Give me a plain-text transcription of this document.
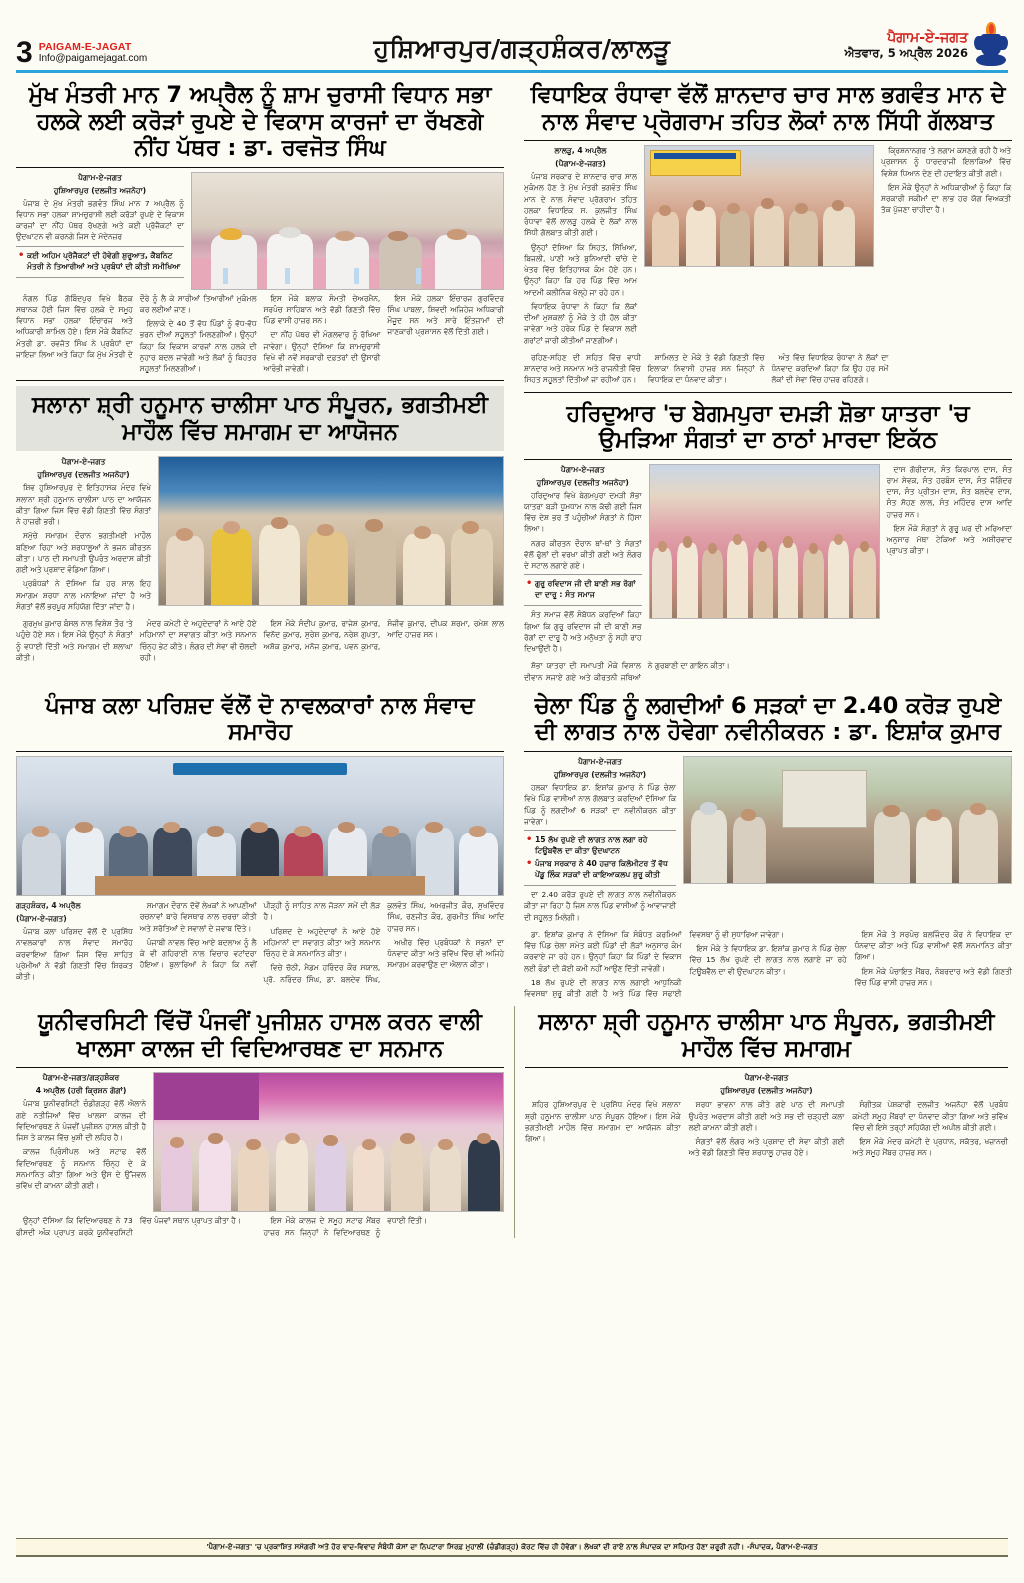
3 PAIGAM-E-JAGAT
Info@paigamejagat.com	ਹੁਸ਼ਿਆਰਪੁਰ/ਗੜ੍ਹਸ਼ੰਕਰ/ਲਾਲੜੂ	ਪੈਗਾਮ-ਏ-ਜਗਤ
ਐਤਵਾਰ, 5 ਅਪ੍ਰੈਲ 2026
ਮੁੱਖ ਮੰਤਰੀ ਮਾਨ 7 ਅਪ੍ਰੈਲ ਨੂੰ ਸ਼ਾਮ ਚੁਰਾਸੀ ਵਿਧਾਨ ਸਭਾ ਹਲਕੇ ਲਈ ਕਰੋੜਾਂ ਰੁਪਏ ਦੇ ਵਿਕਾਸ ਕਾਰਜਾਂ ਦਾ ਰੱਖਣਗੇ ਨੀਂਹ ਪੱਥਰ : ਡਾ. ਰਵਜੋਤ ਸਿੰਘ
ਪੈਗਾਮ-ਏ-ਜਗਤ
ਹੁਸ਼ਿਆਰਪੁਰ (ਦਲਜੀਤ ਅਜਨੋਹਾ)

ਪੰਜਾਬ ਦੇ ਮੁੱਖ ਮੰਤਰੀ ਭਗਵੰਤ ਸਿੰਘ ਮਾਨ 7 ਅਪ੍ਰੈਲ ਨੂੰ ਵਿਧਾਨ ਸਭਾ ਹਲਕਾ ਸ਼ਾਮਚੁਰਾਸੀ ਲਈ ਕਰੋੜਾਂ ਰੁਪਏ ਦੇ ਵਿਕਾਸ ਕਾਰਜਾਂ ਦਾ ਨੀਂਹ ਪੱਥਰ ਰੱਖਣਗੇ ਅਤੇ ਕਈ ਪ੍ਰੋਜੈਕਟਾਂ ਦਾ ਉਦਘਾਟਨ ਵੀ ਕਰਨਗੇ ਜਿਸ ਦੇ ਮੱਦੇਨਜ਼ਰ

• ਕਈ ਅਹਿਮ ਪ੍ਰੋਜੈਕਟਾਂ ਦੀ ਹੋਵੇਗੀ ਸ਼ੁਰੂਆਤ, ਕੈਬਨਿਟ ਮੰਤਰੀ ਨੇ ਤਿਆਰੀਆਂ ਅਤੇ ਪ੍ਰਬੰਧਾਂ ਦੀ ਕੀਤੀ ਸਮੀਖਿਆ

ਨੰਗਲ ਪਿੰਡ ਗੋਬਿੰਦਪੁਰ ਵਿਖੇ ਬੈਠਕ ਸਥਾਨਕ ਹੋਈ ਜਿਸ ਵਿੱਚ ਹਲਕੇ ਦੇ ਸਮੂਹ ਵਿਧਾਨ ਸਭਾ ਹਲਕਾ ਇੰਚਾਰਜ ਅਤੇ ਅਧਿਕਾਰੀ ਸ਼ਾਮਿਲ ਹੋਏ। ਇਸ ਮੌਕੇ ਕੈਬਨਿਟ ਮੰਤਰੀ ਡਾ. ਰਵਜੋਤ ਸਿੰਘ ਨੇ ਪ੍ਰਬੰਧਾਂ ਦਾ ਜਾਇਜ਼ਾ ਲਿਆ ਅਤੇ ਕਿਹਾ ਕਿ ਮੁੱਖ ਮੰਤਰੀ ਦੇ ਦੌਰੇ ਨੂੰ ਲੈ ਕੇ ਸਾਰੀਆਂ ਤਿਆਰੀਆਂ ਮੁਕੰਮਲ ਕਰ ਲਈਆਂ ਜਾਣ।

ਇਲਾਕੇ ਦੇ 40 ਤੋਂ ਵੱਧ ਪਿੰਡਾਂ ਨੂੰ ਵੱਧ-ਵੱਧ ਭਰਨ ਦੀਆਂ ਸਹੂਲਤਾਂ ਮਿਲਣਗੀਆਂ। ਉਨ੍ਹਾਂ ਕਿਹਾ ਕਿ ਵਿਕਾਸ ਕਾਰਜਾਂ ਨਾਲ ਹਲਕੇ ਦੀ ਨੁਹਾਰ ਬਦਲ ਜਾਵੇਗੀ ਅਤੇ ਲੋਕਾਂ ਨੂੰ ਬਿਹਤਰ ਸਹੂਲਤਾਂ ਮਿਲਣਗੀਆਂ।

ਇਸ ਮੌਕੇ ਬਲਾਕ ਸੰਮਤੀ ਚੇਅਰਮੈਨ, ਸਰਪੰਚ ਸਾਹਿਬਾਨ ਅਤੇ ਵੱਡੀ ਗਿਣਤੀ ਵਿੱਚ ਪਿੰਡ ਵਾਸੀ ਹਾਜ਼ਰ ਸਨ।

ਦਾ ਨੀਂਹ ਪੱਥਰ ਵੀ ਮੰਗਲਵਾਰ ਨੂੰ ਰੱਖਿਆ ਜਾਵੇਗਾ। ਉਨ੍ਹਾਂ ਦੱਸਿਆ ਕਿ ਸ਼ਾਮਚੁਰਾਸੀ ਵਿਖੇ ਵੀ ਨਵੇਂ ਸਰਕਾਰੀ ਦਫ਼ਤਰਾਂ ਦੀ ਉਸਾਰੀ ਆਰੰਭੀ ਜਾਵੇਗੀ।

ਇਸ ਮੌਕੇ ਹਲਕਾ ਇੰਚਾਰਜ ਗੁਰਵਿੰਦਰ ਸਿੰਘ ਪਾਬਲਾ, ਸ਼ਿਵਦੀ ਅਜਿਹੇਜ ਅਧਿਕਾਰੀ ਮੌਜੂਦ ਸਨ ਅਤੇ ਸਾਰੇ ਇੰਤਜ਼ਾਮਾਂ ਦੀ ਜਾਣਕਾਰੀ ਪ੍ਰਸ਼ਾਸਨ ਵੱਲੋਂ ਦਿੱਤੀ ਗਈ।

ਸਲਾਨਾ ਸ਼੍ਰੀ ਹਨੂਮਾਨ ਚਾਲੀਸਾ ਪਾਠ ਸੰਪੂਰਨ, ਭਗਤੀਮਈ ਮਾਹੌਲ ਵਿੱਚ ਸਮਾਗਮ ਦਾ ਆਯੋਜਨ
ਪੈਗਾਮ-ਏ-ਜਗਤ
ਹੁਸ਼ਿਆਰਪੁਰ (ਦਲਜੀਤ ਅਜਨੋਹਾ)

ਸ਼ਿਵ ਹੁਸ਼ਿਆਰਪੁਰ ਦੇ ਇਤਿਹਾਸਕ ਮੰਦਰ ਵਿਖੇ ਸਲਾਨਾ ਸ਼੍ਰੀ ਹਨੂਮਾਨ ਚਾਲੀਸਾ ਪਾਠ ਦਾ ਆਯੋਜਨ ਕੀਤਾ ਗਿਆ ਜਿਸ ਵਿੱਚ ਵੱਡੀ ਗਿਣਤੀ ਵਿੱਚ ਸੰਗਤਾਂ ਨੇ ਹਾਜ਼ਰੀ ਭਰੀ।

ਸਮੁੱਚੇ ਸਮਾਗਮ ਦੌਰਾਨ ਭਗਤੀਮਈ ਮਾਹੌਲ ਬਣਿਆ ਰਿਹਾ ਅਤੇ ਸ਼ਰਧਾਲੂਆਂ ਨੇ ਭਜਨ ਕੀਰਤਨ ਕੀਤਾ। ਪਾਠ ਦੀ ਸਮਾਪਤੀ ਉਪਰੰਤ ਅਰਦਾਸ ਕੀਤੀ ਗਈ ਅਤੇ ਪ੍ਰਸ਼ਾਦ ਵੰਡਿਆ ਗਿਆ।

ਪ੍ਰਬੰਧਕਾਂ ਨੇ ਦੱਸਿਆ ਕਿ ਹਰ ਸਾਲ ਇਹ ਸਮਾਗਮ ਸ਼ਰਧਾ ਨਾਲ ਮਨਾਇਆ ਜਾਂਦਾ ਹੈ ਅਤੇ ਸੰਗਤਾਂ ਵੱਲੋਂ ਭਰਪੂਰ ਸਹਿਯੋਗ ਦਿੱਤਾ ਜਾਂਦਾ ਹੈ।

ਗੁਰਮੁਖ ਕੁਮਾਰ ਬੰਸਲ ਨਾਲ ਵਿਸ਼ੇਸ਼ ਤੌਰ 'ਤੇ ਪਹੁੰਚੇ ਹੋਏ ਸਨ। ਇਸ ਮੌਕੇ ਉਨ੍ਹਾਂ ਨੇ ਸੰਗਤਾਂ ਨੂੰ ਵਧਾਈ ਦਿੱਤੀ ਅਤੇ ਸਮਾਗਮ ਦੀ ਸ਼ਲਾਘਾ ਕੀਤੀ।

ਮੰਦਰ ਕਮੇਟੀ ਦੇ ਅਹੁਦੇਦਾਰਾਂ ਨੇ ਆਏ ਹੋਏ ਮਹਿਮਾਨਾਂ ਦਾ ਸਵਾਗਤ ਕੀਤਾ ਅਤੇ ਸਨਮਾਨ ਚਿੰਨ੍ਹ ਭੇਟ ਕੀਤੇ। ਲੰਗਰ ਦੀ ਸੇਵਾ ਵੀ ਚੱਲਦੀ ਰਹੀ।

ਇਸ ਮੌਕੇ ਸੰਦੀਪ ਕੁਮਾਰ, ਰਾਜੇਸ਼ ਕੁਮਾਰ, ਵਿਨੋਦ ਕੁਮਾਰ, ਸੁਰੇਸ਼ ਕੁਮਾਰ, ਨਰੇਸ਼ ਗੁਪਤਾ, ਅਸ਼ੋਕ ਕੁਮਾਰ, ਮਨੋਜ ਕੁਮਾਰ, ਪਵਨ ਕੁਮਾਰ, ਸੰਜੀਵ ਕੁਮਾਰ, ਦੀਪਕ ਸ਼ਰਮਾ, ਰਮੇਸ਼ ਲਾਲ ਆਦਿ ਹਾਜ਼ਰ ਸਨ।

ਵਿਧਾਇਕ ਰੰਧਾਵਾ ਵੱਲੋਂ ਸ਼ਾਨਦਾਰ ਚਾਰ ਸਾਲ ਭਗਵੰਤ ਮਾਨ ਦੇ ਨਾਲ ਸੰਵਾਦ ਪ੍ਰੋਗਰਾਮ ਤਹਿਤ ਲੋਕਾਂ ਨਾਲ ਸਿੱਧੀ ਗੱਲਬਾਤ
ਲਾਲੜੂ, 4 ਅਪ੍ਰੈਲ
(ਪੈਗਾਮ-ਏ-ਜਗਤ)

ਪੰਜਾਬ ਸਰਕਾਰ ਦੇ ਸ਼ਾਨਦਾਰ ਚਾਰ ਸਾਲ ਮੁਕੰਮਲ ਹੋਣ ਤੇ ਮੁੱਖ ਮੰਤਰੀ ਭਗਵੰਤ ਸਿੰਘ ਮਾਨ ਦੇ ਨਾਲ ਸੰਵਾਦ ਪ੍ਰੋਗਰਾਮ ਤਹਿਤ ਹਲਕਾ ਵਿਧਾਇਕ ਸ. ਕੁਲਜੀਤ ਸਿੰਘ ਰੰਧਾਵਾ ਵੱਲੋਂ ਲਾਲੜੂ ਹਲਕੇ ਦੇ ਲੋਕਾਂ ਨਾਲ ਸਿੱਧੀ ਗੱਲਬਾਤ ਕੀਤੀ ਗਈ।

ਉਨ੍ਹਾਂ ਦੱਸਿਆ ਕਿ ਸਿਹਤ, ਸਿੱਖਿਆ, ਬਿਜਲੀ, ਪਾਣੀ ਅਤੇ ਬੁਨਿਆਦੀ ਢਾਂਚੇ ਦੇ ਖੇਤਰ ਵਿੱਚ ਇਤਿਹਾਸਕ ਕੰਮ ਹੋਏ ਹਨ। ਉਨ੍ਹਾਂ ਕਿਹਾ ਕਿ ਹਰ ਪਿੰਡ ਵਿੱਚ ਆਮ ਆਦਮੀ ਕਲੀਨਿਕ ਖੋਲ੍ਹੇ ਜਾ ਰਹੇ ਹਨ।

ਵਿਧਾਇਕ ਰੰਧਾਵਾ ਨੇ ਕਿਹਾ ਕਿ ਲੋਕਾਂ ਦੀਆਂ ਮੁਸ਼ਕਲਾਂ ਨੂੰ ਮੌਕੇ ਤੇ ਹੀ ਹੱਲ ਕੀਤਾ ਜਾਵੇਗਾ ਅਤੇ ਹਰੇਕ ਪਿੰਡ ਦੇ ਵਿਕਾਸ ਲਈ ਗਰਾਂਟਾਂ ਜਾਰੀ ਕੀਤੀਆਂ ਜਾਣਗੀਆਂ।

ਕ੍ਰਿਸ਼ਨਾਨਗਰ 'ਤੇ ਲਗਾਮ ਕਸਣਗੇ ਰਹੀ ਹੈ ਅਤੇ ਪ੍ਰਸ਼ਾਸਨ ਨੂੰ ਧਾਰਦਰਾਜੀ ਇਲਾਕਿਆਂ ਵਿੱਚ ਵਿਸ਼ੇਸ਼ ਧਿਆਨ ਦੇਣ ਦੀ ਹਦਾਇਤ ਕੀਤੀ ਗਈ।

ਇਸ ਮੌਕੇ ਉਨ੍ਹਾਂ ਨੇ ਅਧਿਕਾਰੀਆਂ ਨੂੰ ਕਿਹਾ ਕਿ ਸਰਕਾਰੀ ਸਕੀਮਾਂ ਦਾ ਲਾਭ ਹਰ ਯੋਗ ਵਿਅਕਤੀ ਤੱਕ ਪੁੱਜਣਾ ਚਾਹੀਦਾ ਹੈ।

ਰਹਿਣ-ਸਹਿਣ ਦੀ ਸਹਿਤ ਵਿੱਚ ਵਾਧੀ ਸ਼ਾਨਦਾਰ ਅਤੇ ਸਨਮਾਨ ਅਤੇ ਰਾਜਨੀਤੀ ਵਿੱਚ ਸਿਹਤ ਸਹੂਲਤਾਂ ਦਿੱਤੀਆਂ ਜਾ ਰਹੀਆਂ ਹਨ।

ਸ਼ਾਮਿਲਤ ਦੇ ਮੌਕੇ ਤੇ ਵੱਡੀ ਗਿਣਤੀ ਵਿੱਚ ਇਲਾਕਾ ਨਿਵਾਸੀ ਹਾਜ਼ਰ ਸਨ ਜਿਨ੍ਹਾਂ ਨੇ ਵਿਧਾਇਕ ਦਾ ਧੰਨਵਾਦ ਕੀਤਾ।

ਅੰਤ ਵਿੱਚ ਵਿਧਾਇਕ ਰੰਧਾਵਾ ਨੇ ਲੋਕਾਂ ਦਾ ਧੰਨਵਾਦ ਕਰਦਿਆਂ ਕਿਹਾ ਕਿ ਉਹ ਹਰ ਸਮੇਂ ਲੋਕਾਂ ਦੀ ਸੇਵਾ ਵਿੱਚ ਹਾਜ਼ਰ ਰਹਿਣਗੇ।

ਹਰਿਦੁਆਰ 'ਚ ਬੇਗਮਪੁਰਾ ਦਮੜੀ ਸ਼ੋਭਾ ਯਾਤਰਾ 'ਚ ਉਮੜਿਆ ਸੰਗਤਾਂ ਦਾ ਠਾਠਾਂ ਮਾਰਦਾ ਇਕੱਠ
ਪੈਗਾਮ-ਏ-ਜਗਤ
ਹੁਸ਼ਿਆਰਪੁਰ (ਦਲਜੀਤ ਅਜਨੋਹਾ)

ਹਰਿਦੁਆਰ ਵਿਖੇ ਬੇਗਮਪੁਰਾ ਦਮੜੀ ਸ਼ੋਭਾ ਯਾਤਰਾ ਬੜੀ ਧੂਮਧਾਮ ਨਾਲ ਕੱਢੀ ਗਈ ਜਿਸ ਵਿੱਚ ਦੇਸ਼ ਭਰ ਤੋਂ ਪਹੁੰਚੀਆਂ ਸੰਗਤਾਂ ਨੇ ਹਿੱਸਾ ਲਿਆ।

ਨਗਰ ਕੀਰਤਨ ਦੌਰਾਨ ਥਾਂ-ਥਾਂ ਤੇ ਸੰਗਤਾਂ ਵੱਲੋਂ ਫੁੱਲਾਂ ਦੀ ਵਰਖਾ ਕੀਤੀ ਗਈ ਅਤੇ ਲੰਗਰ ਦੇ ਸਟਾਲ ਲਗਾਏ ਗਏ।

• ਗੁਰੂ ਰਵਿਦਾਸ ਜੀ ਦੀ ਬਾਣੀ ਸਭ ਰੋਗਾਂ ਦਾ ਦਾਰੂ : ਸੰਤ ਸਮਾਜ

ਸੰਤ ਸਮਾਜ ਵੱਲੋਂ ਸੰਬੋਧਨ ਕਰਦਿਆਂ ਕਿਹਾ ਗਿਆ ਕਿ ਗੁਰੂ ਰਵਿਦਾਸ ਜੀ ਦੀ ਬਾਣੀ ਸਭ ਰੋਗਾਂ ਦਾ ਦਾਰੂ ਹੈ ਅਤੇ ਮਨੁੱਖਤਾ ਨੂੰ ਸਹੀ ਰਾਹ ਦਿਖਾਉਂਦੀ ਹੈ।

ਦਾਸ ਗੋਰੀਦਾਸ, ਸੰਤ ਕਿਰਪਾਲ ਦਾਸ, ਸੰਤ ਰਾਮ ਸੇਵਕ, ਸੰਤ ਹਰਬੰਸ ਦਾਸ, ਸੰਤ ਜੋਗਿੰਦਰ ਦਾਸ, ਸੰਤ ਪ੍ਰੀਤਮ ਦਾਸ, ਸੰਤ ਬਲਦੇਵ ਦਾਸ, ਸੰਤ ਸੋਹਣ ਲਾਲ, ਸੰਤ ਮਹਿੰਦਰ ਦਾਸ ਆਦਿ ਹਾਜ਼ਰ ਸਨ।

ਇਸ ਮੌਕੇ ਸੰਗਤਾਂ ਨੇ ਗੁਰੂ ਘਰ ਦੀ ਮਰਿਆਦਾ ਅਨੁਸਾਰ ਮੱਥਾ ਟੇਕਿਆ ਅਤੇ ਅਸ਼ੀਰਵਾਦ ਪ੍ਰਾਪਤ ਕੀਤਾ।

ਸ਼ੋਭਾ ਯਾਤਰਾ ਦੀ ਸਮਾਪਤੀ ਮੌਕੇ ਵਿਸ਼ਾਲ ਦੀਵਾਨ ਸਜਾਏ ਗਏ ਅਤੇ ਕੀਰਤਨੀ ਜਥਿਆਂ ਨੇ ਗੁਰਬਾਣੀ ਦਾ ਗਾਇਨ ਕੀਤਾ।

ਪੰਜਾਬ ਕਲਾ ਪਰਿਸ਼ਦ ਵੱਲੋਂ ਦੋ ਨਾਵਲਕਾਰਾਂ ਨਾਲ ਸੰਵਾਦ ਸਮਾਰੋਹ
ਗੜ੍ਹਸ਼ੰਕਰ, 4 ਅਪ੍ਰੈਲ
(ਪੈਗਾਮ-ਏ-ਜਗਤ)

ਪੰਜਾਬ ਕਲਾ ਪਰਿਸ਼ਦ ਵੱਲੋਂ ਦੋ ਪ੍ਰਸਿੱਧ ਨਾਵਲਕਾਰਾਂ ਨਾਲ ਸੰਵਾਦ ਸਮਾਰੋਹ ਕਰਵਾਇਆ ਗਿਆ ਜਿਸ ਵਿੱਚ ਸਾਹਿਤ ਪ੍ਰੇਮੀਆਂ ਨੇ ਵੱਡੀ ਗਿਣਤੀ ਵਿੱਚ ਸ਼ਿਰਕਤ ਕੀਤੀ।

ਸਮਾਗਮ ਦੌਰਾਨ ਦੋਵੇਂ ਲੇਖਕਾਂ ਨੇ ਆਪਣੀਆਂ ਰਚਨਾਵਾਂ ਬਾਰੇ ਵਿਸਥਾਰ ਨਾਲ ਚਰਚਾ ਕੀਤੀ ਅਤੇ ਸਰੋਤਿਆਂ ਦੇ ਸਵਾਲਾਂ ਦੇ ਜਵਾਬ ਦਿੱਤੇ।

ਪੰਜਾਬੀ ਨਾਵਲ ਵਿੱਚ ਆਏ ਬਦਲਾਅ ਨੂੰ ਲੈ ਕੇ ਵੀ ਗਹਿਰਾਈ ਨਾਲ ਵਿਚਾਰ ਵਟਾਂਦਰਾ ਹੋਇਆ। ਬੁਲਾਰਿਆਂ ਨੇ ਕਿਹਾ ਕਿ ਨਵੀਂ ਪੀੜ੍ਹੀ ਨੂੰ ਸਾਹਿਤ ਨਾਲ ਜੋੜਨਾ ਸਮੇਂ ਦੀ ਲੋੜ ਹੈ।

ਪਰਿਸ਼ਦ ਦੇ ਅਹੁਦੇਦਾਰਾਂ ਨੇ ਆਏ ਹੋਏ ਮਹਿਮਾਨਾਂ ਦਾ ਸਵਾਗਤ ਕੀਤਾ ਅਤੇ ਸਨਮਾਨ ਚਿੰਨ੍ਹ ਦੇ ਕੇ ਸਨਮਾਨਿਤ ਕੀਤਾ।

ਵਿਚੇ ਚੱਠੀ, ਮੈਡਮ ਹਰਿੰਦਰ ਕੌਰ ਸਯਾਲ, ਪ੍ਰੋ. ਨਰਿੰਦਰ ਸਿੰਘ, ਡਾ. ਬਲਦੇਵ ਸਿੰਘ, ਕੁਲਵੰਤ ਸਿੰਘ, ਅਮਰਜੀਤ ਕੌਰ, ਸੁਖਵਿੰਦਰ ਸਿੰਘ, ਰਣਜੀਤ ਕੌਰ, ਗੁਰਮੀਤ ਸਿੰਘ ਆਦਿ ਹਾਜ਼ਰ ਸਨ।

ਅਖੀਰ ਵਿੱਚ ਪ੍ਰਬੰਧਕਾਂ ਨੇ ਸਭਨਾਂ ਦਾ ਧੰਨਵਾਦ ਕੀਤਾ ਅਤੇ ਭਵਿੱਖ ਵਿੱਚ ਵੀ ਅਜਿਹੇ ਸਮਾਗਮ ਕਰਵਾਉਣ ਦਾ ਐਲਾਨ ਕੀਤਾ।

ਚੇਲਾ ਪਿੰਡ ਨੂੰ ਲਗਦੀਆਂ 6 ਸੜਕਾਂ ਦਾ 2.40 ਕਰੋੜ ਰੁਪਏ ਦੀ ਲਾਗਤ ਨਾਲ ਹੋਵੇਗਾ ਨਵੀਨੀਕਰਨ : ਡਾ. ਇਸ਼ਾਂਕ ਕੁਮਾਰ
ਪੈਗਾਮ-ਏ-ਜਗਤ
ਹੁਸ਼ਿਆਰਪੁਰ (ਦਲਜੀਤ ਅਜਨੋਹਾ)

ਹਲਕਾ ਵਿਧਾਇਕ ਡਾ. ਇਸ਼ਾਂਕ ਕੁਮਾਰ ਨੇ ਪਿੰਡ ਚੇਲਾ ਵਿਖੇ ਪਿੰਡ ਵਾਸੀਆਂ ਨਾਲ ਗੱਲਬਾਤ ਕਰਦਿਆਂ ਦੱਸਿਆ ਕਿ ਪਿੰਡ ਨੂੰ ਲਗਦੀਆਂ 6 ਸੜਕਾਂ ਦਾ ਨਵੀਨੀਕਰਨ ਕੀਤਾ ਜਾਵੇਗਾ।

• 15 ਲੱਖ ਰੁਪਏ ਦੀ ਲਾਗਤ ਨਾਲ ਲਗਾ ਰਹੇ ਟਿਊਬਵੈੱਲ ਦਾ ਕੀਤਾ ਉਦਘਾਟਨ
• ਪੰਜਾਬ ਸਰਕਾਰ ਨੇ 40 ਹਜ਼ਾਰ ਕਿਲੋਮੀਟਰ ਤੋਂ ਵੱਧ ਪੇਂਡੂ ਲਿੰਕ ਸੜਕਾਂ ਦੀ ਕਾਇਆਕਲਪ ਸ਼ੁਰੂ ਕੀਤੀ

ਦਾ 2.40 ਕਰੋੜ ਰੁਪਏ ਦੀ ਲਾਗਤ ਨਾਲ ਨਵੀਨੀਕਰਨ ਕੀਤਾ ਜਾ ਰਿਹਾ ਹੈ ਜਿਸ ਨਾਲ ਪਿੰਡ ਵਾਸੀਆਂ ਨੂੰ ਆਵਾਜਾਈ ਦੀ ਸਹੂਲਤ ਮਿਲੇਗੀ।

ਡਾ. ਇਸ਼ਾਂਕ ਕੁਮਾਰ ਨੇ ਦੱਸਿਆ ਕਿ ਸੰਬੰਧਤ ਕਰਮਿਆਂ ਵਿੱਚ ਪਿੰਡ ਚੇਲਾ ਸਮੇਤ ਕਈ ਪਿੰਡਾਂ ਦੀ ਲੋੜਾਂ ਅਨੁਸਾਰ ਕੰਮ ਕਰਵਾਏ ਜਾ ਰਹੇ ਹਨ। ਉਨ੍ਹਾਂ ਕਿਹਾ ਕਿ ਪਿੰਡਾਂ ਦੇ ਵਿਕਾਸ ਲਈ ਫੰਡਾਂ ਦੀ ਕੋਈ ਕਮੀ ਨਹੀਂ ਆਉਣ ਦਿੱਤੀ ਜਾਵੇਗੀ।

18 ਲੱਖ ਰੁਪਏ ਦੀ ਲਾਗਤ ਨਾਲ ਲਗਾਈ ਆਧੁਨਿਕੀ ਵਿਵਸਥਾ ਸ਼ੁਰੂ ਕੀਤੀ ਗਈ ਹੈ ਅਤੇ ਪਿੰਡ ਵਿੱਚ ਸਫਾਈ ਵਿਵਸਥਾ ਨੂੰ ਵੀ ਸੁਧਾਰਿਆ ਜਾਵੇਗਾ।

ਇਸ ਮੌਕੇ ਤੇ ਵਿਧਾਇਕ ਡਾ. ਇਸ਼ਾਂਕ ਕੁਮਾਰ ਨੇ ਪਿੰਡ ਚੇਲਾ ਵਿੱਚ 15 ਲੱਖ ਰੁਪਏ ਦੀ ਲਾਗਤ ਨਾਲ ਲਗਾਏ ਜਾ ਰਹੇ ਟਿਊਬਵੈੱਲ ਦਾ ਵੀ ਉਦਘਾਟਨ ਕੀਤਾ।

ਇਸ ਮੌਕੇ ਤੇ ਸਰਪੰਚ ਬਲਜਿੰਦਰ ਕੌਰ ਨੇ ਵਿਧਾਇਕ ਦਾ ਧੰਨਵਾਦ ਕੀਤਾ ਅਤੇ ਪਿੰਡ ਵਾਸੀਆਂ ਵੱਲੋਂ ਸਨਮਾਨਿਤ ਕੀਤਾ ਗਿਆ।

ਇਸ ਮੌਕੇ ਪੰਚਾਇਤ ਮੈਂਬਰ, ਨੰਬਰਦਾਰ ਅਤੇ ਵੱਡੀ ਗਿਣਤੀ ਵਿੱਚ ਪਿੰਡ ਵਾਸੀ ਹਾਜ਼ਰ ਸਨ।

ਯੂਨੀਵਰਸਿਟੀ ਵਿੱਚੋਂ ਪੰਜਵੀਂ ਪੁਜੀਸ਼ਨ ਹਾਸਲ ਕਰਨ ਵਾਲੀ ਖਾਲਸਾ ਕਾਲਜ ਦੀ ਵਿਦਿਆਰਥਣ ਦਾ ਸਨਮਾਨ
ਪੈਗਾਮ-ਏ-ਜਗਤ/ਗੜ੍ਹਸ਼ੰਕਰ
4 ਅਪ੍ਰੈਲ (ਹਰੀ ਕ੍ਰਿਸ਼ਨ ਗੋਗਾਂ)

ਪੰਜਾਬ ਯੂਨੀਵਰਸਿਟੀ ਚੰਡੀਗੜ੍ਹ ਵੱਲੋਂ ਐਲਾਨੇ ਗਏ ਨਤੀਜਿਆਂ ਵਿੱਚ ਖਾਲਸਾ ਕਾਲਜ ਦੀ ਵਿਦਿਆਰਥਣ ਨੇ ਪੰਜਵੀਂ ਪੁਜੀਸ਼ਨ ਹਾਸਲ ਕੀਤੀ ਹੈ ਜਿਸ ਤੇ ਕਾਲਜ ਵਿੱਚ ਖੁਸ਼ੀ ਦੀ ਲਹਿਰ ਹੈ।

ਕਾਲਜ ਪ੍ਰਿੰਸੀਪਲ ਅਤੇ ਸਟਾਫ ਵੱਲੋਂ ਵਿਦਿਆਰਥਣ ਨੂੰ ਸਨਮਾਨ ਚਿੰਨ੍ਹ ਦੇ ਕੇ ਸਨਮਾਨਿਤ ਕੀਤਾ ਗਿਆ ਅਤੇ ਉਸ ਦੇ ਉੱਜਵਲ ਭਵਿੱਖ ਦੀ ਕਾਮਨਾ ਕੀਤੀ ਗਈ।

ਉਨ੍ਹਾਂ ਦੱਸਿਆ ਕਿ ਵਿਦਿਆਰਥਣ ਨੇ 73 ਫੀਸਦੀ ਅੰਕ ਪ੍ਰਾਪਤ ਕਰਕੇ ਯੂਨੀਵਰਸਿਟੀ ਵਿੱਚ ਪੰਜਵਾਂ ਸਥਾਨ ਪ੍ਰਾਪਤ ਕੀਤਾ ਹੈ।	ਇਸ ਮੌਕੇ ਕਾਲਜ ਦੇ ਸਮੂਹ ਸਟਾਫ ਮੈਂਬਰ ਹਾਜ਼ਰ ਸਨ ਜਿਨ੍ਹਾਂ ਨੇ ਵਿਦਿਆਰਥਣ ਨੂੰ ਵਧਾਈ ਦਿੱਤੀ।

ਸਲਾਨਾ ਸ਼੍ਰੀ ਹਨੂਮਾਨ ਚਾਲੀਸਾ ਪਾਠ ਸੰਪੂਰਨ, ਭਗਤੀਮਈ ਮਾਹੌਲ ਵਿੱਚ ਸਮਾਗਮ
ਪੈਗਾਮ-ਏ-ਜਗਤ
ਹੁਸ਼ਿਆਰਪੁਰ (ਦਲਜੀਤ ਅਜਨੋਹਾ)

ਸ਼ਹਿਰ ਹੁਸ਼ਿਆਰਪੁਰ ਦੇ ਪ੍ਰਸਿੱਧ ਮੰਦਰ ਵਿਖੇ ਸਲਾਨਾ ਸ਼੍ਰੀ ਹਨੂਮਾਨ ਚਾਲੀਸਾ ਪਾਠ ਸੰਪੂਰਨ ਹੋਇਆ। ਇਸ ਮੌਕੇ ਭਗਤੀਮਈ ਮਾਹੌਲ ਵਿੱਚ ਸਮਾਗਮ ਦਾ ਆਯੋਜਨ ਕੀਤਾ ਗਿਆ।

ਸ਼ਰਧਾ ਭਾਵਨਾ ਨਾਲ ਕੀਤੇ ਗਏ ਪਾਠ ਦੀ ਸਮਾਪਤੀ ਉਪਰੰਤ ਅਰਦਾਸ ਕੀਤੀ ਗਈ ਅਤੇ ਸਭ ਦੀ ਚੜ੍ਹਦੀ ਕਲਾ ਲਈ ਕਾਮਨਾ ਕੀਤੀ ਗਈ।

ਸੰਗਤਾਂ ਵੱਲੋਂ ਲੰਗਰ ਅਤੇ ਪ੍ਰਸ਼ਾਦ ਦੀ ਸੇਵਾ ਕੀਤੀ ਗਈ ਅਤੇ ਵੱਡੀ ਗਿਣਤੀ ਵਿੱਚ ਸ਼ਰਧਾਲੂ ਹਾਜ਼ਰ ਹੋਏ।

ਸੰਗੀਤਕ ਪੇਸ਼ਕਾਰੀ ਦਲਜੀਤ ਅਜਨੋਹਾ ਵੱਲੋਂ ਪ੍ਰਬੰਧ ਕਮੇਟੀ ਸਮੂਹ ਮੈਂਬਰਾਂ ਦਾ ਧੰਨਵਾਦ ਕੀਤਾ ਗਿਆ ਅਤੇ ਭਵਿੱਖ ਵਿੱਚ ਵੀ ਇਸੇ ਤਰ੍ਹਾਂ ਸਹਿਯੋਗ ਦੀ ਅਪੀਲ ਕੀਤੀ ਗਈ।

ਇਸ ਮੌਕੇ ਮੰਦਰ ਕਮੇਟੀ ਦੇ ਪ੍ਰਧਾਨ, ਸਕੱਤਰ, ਖਜ਼ਾਨਚੀ ਅਤੇ ਸਮੂਹ ਮੈਂਬਰ ਹਾਜ਼ਰ ਸਨ।

'ਪੈਗਾਮ-ਏ-ਜਗਤ' 'ਚ ਪ੍ਰਕਾਸ਼ਿਤ ਸਮੱਗਰੀ ਅਤੇ ਹੋਰ ਵਾਦ-ਵਿਵਾਦ ਸੰਬੰਧੀ ਕੇਸਾਂ ਦਾ ਨਿਪਟਾਰਾ ਸਿਰਫ਼ ਮੁਹਾਲੀ (ਚੰਡੀਗੜ੍ਹ) ਕੋਰਟ ਵਿੱਚ ਹੀ ਹੋਵੇਗਾ। ਲੇਖਕਾਂ ਦੀ ਰਾਏ ਨਾਲ ਸੰਪਾਦਕ ਦਾ ਸਹਿਮਤ ਹੋਣਾ ਜ਼ਰੂਰੀ ਨਹੀਂ। -ਸੰਪਾਦਕ, ਪੈਗਾਮ-ਏ-ਜਗਤ
